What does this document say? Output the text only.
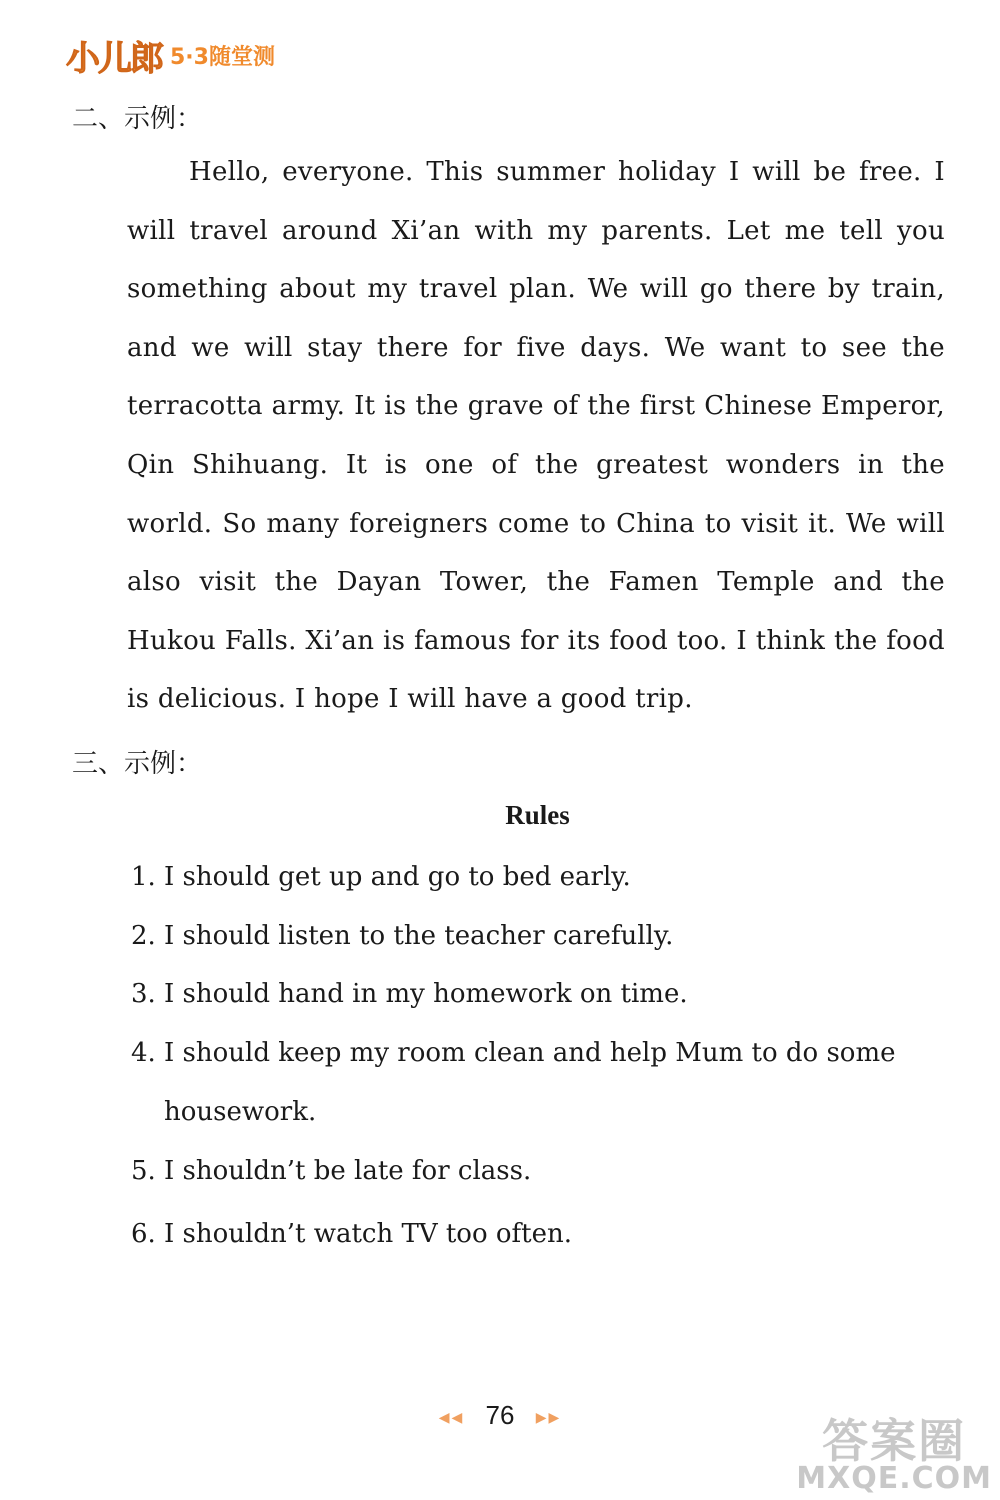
小儿郎 5·3随堂测
二、示例：

Hello, everyone. This summer holiday I will be free. I will travel around Xi’an with my parents. Let me tell you something about my travel plan. We will go there by train, and we will stay there for five days. We want to see the terracotta army. It is the grave of the first Chinese Emperor, Qin Shihuang. It is one of the greatest wonders in the world. So many foreigners come to China to visit it. We will also visit the Dayan Tower, the Famen Temple and the Hukou Falls. Xi’an is famous for its food too. I think the food is delicious. I hope I will have a good trip.

三、示例：
Rules

1. I should get up and go to bed early.

2. I should listen to the teacher carefully.

3. I should hand in my homework on time.

4. I should keep my room clean and help Mum to do some
housework.

5. I shouldn’t be late for class.

6. I shouldn’t watch TV too often.

◀◀ 76 ▶▶	答案圈
MXQE.COM
